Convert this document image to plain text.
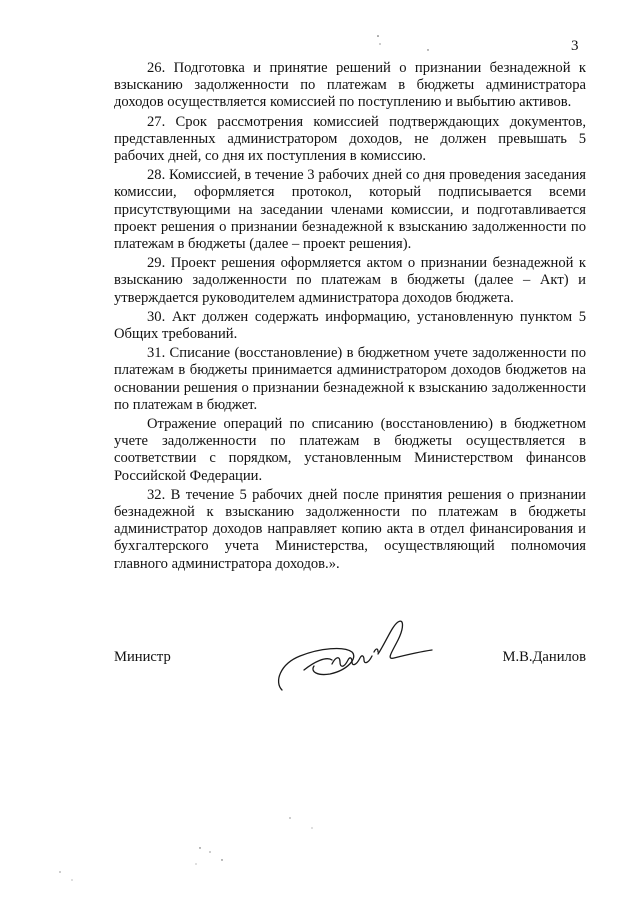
3

26. Подготовка и принятие решений о признании безнадежной к взысканию задолженности по платежам в бюджеты администратора доходов осуществляется комиссией по поступлению и выбытию активов.

27. Срок рассмотрения комиссией подтверждающих документов, представленных администратором доходов, не должен превышать 5 рабочих дней, со дня их поступления в комиссию.

28. Комиссией, в течение 3 рабочих дней со дня проведения заседания комиссии, оформляется протокол, который подписывается всеми присутствующими на заседании членами комиссии, и подготавливается проект решения о признании безнадежной к взысканию задолженности по платежам в бюджеты (далее – проект решения).

29. Проект решения оформляется актом о признании безнадежной к взысканию задолженности по платежам в бюджеты (далее – Акт) и утверждается руководителем администратора доходов бюджета.

30. Акт должен содержать информацию, установленную пунктом 5 Общих требований.

31. Списание (восстановление) в бюджетном учете задолженности по платежам в бюджеты принимается администратором доходов бюджетов на основании решения о признании безнадежной к взысканию задолженности по платежам в бюджет.

Отражение операций по списанию (восстановлению) в бюджетном учете задолженности по платежам в бюджеты осуществляется в соответствии с порядком, установленным Министерством финансов Российской Федерации.

32. В течение 5 рабочих дней после принятия решения о признании безнадежной к взысканию задолженности по платежам в бюджеты администратор доходов направляет копию акта в отдел финансирования и бухгалтерского учета Министерства, осуществляющий полномочия главного администратора доходов.».

Министр	М.В.Данилов
